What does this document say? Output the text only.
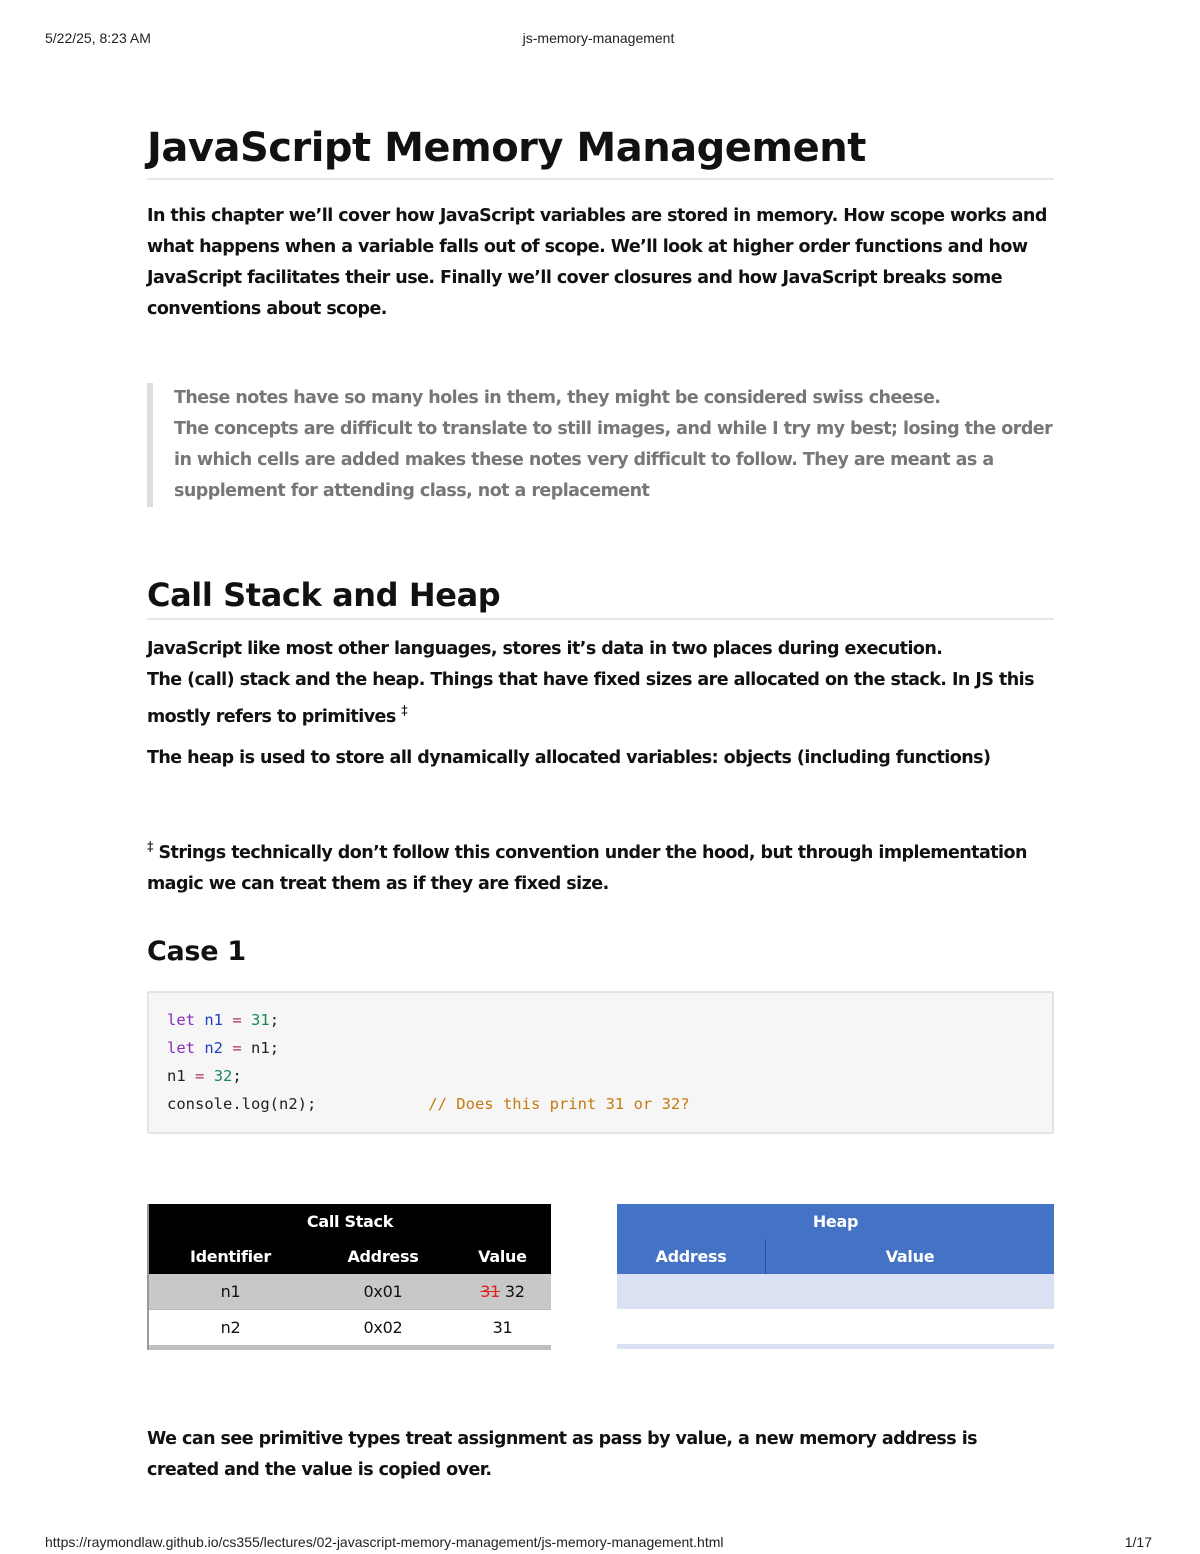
5/22/25, 8:23 AM	js-memory-management
JavaScript Memory Management

In this chapter we’ll cover how JavaScript variables are stored in memory. How scope works and what happens when a variable falls out of scope. We’ll look at higher order functions and how JavaScript facilitates their use. Finally we’ll cover closures and how JavaScript breaks some conventions about scope.

These notes have so many holes in them, they might be considered swiss cheese.
The concepts are difficult to translate to still images, and while I try my best; losing the order in which cells are added makes these notes very difficult to follow. They are meant as a supplement for attending class, not a replacement
Call Stack and Heap

JavaScript like most other languages, stores it’s data in two places during execution.
The (call) stack and the heap. Things that have fixed sizes are allocated on the stack. In JS this mostly refers to primitives ‡

The heap is used to store all dynamically allocated variables: objects (including functions)

‡ Strings technically don’t follow this convention under the hood, but through implementation magic we can treat them as if they are fixed size.

Case 1
let n1 = 31;
let n2 = n1;
n1 = 32;
console.log(n2);	// Does this print 31 or 32?
Call Stack		
Identifier	Address	Value
n1	0x01	31 32
n2	0x02	31

Heap	
Address	Value

We can see primitive types treat assignment as pass by value, a new memory address is created and the value is copied over.

https://raymondlaw.github.io/cs355/lectures/02-javascript-memory-management/js-memory-management.html	1/17
